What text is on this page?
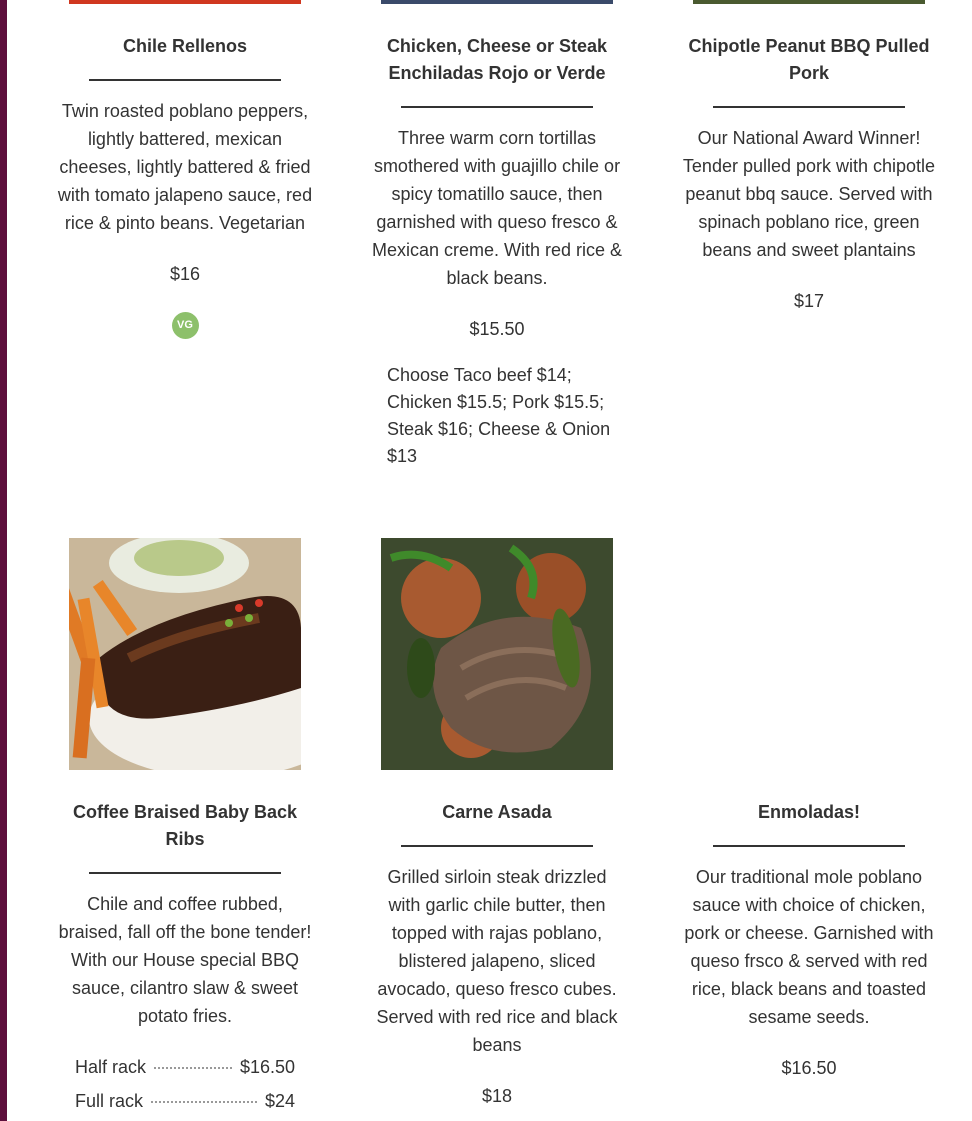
Chile Rellenos

Twin roasted poblano peppers, lightly battered, mexican cheeses, lightly battered & fried with tomato jalapeno sauce, red rice & pinto beans. Vegetarian

$16
VG
Chicken, Cheese or Steak Enchiladas Rojo or Verde

Three warm corn tortillas smothered with guajillo chile or spicy tomatillo sauce, then garnished with queso fresco & Mexican creme. With red rice & black beans.

$15.50
Choose Taco beef $14; Chicken $15.5; Pork $15.5; Steak $16; Cheese & Onion $13
Chipotle Peanut BBQ Pulled Pork

Our National Award Winner! Tender pulled pork with chipotle peanut bbq sauce. Served with spinach poblano rice, green beans and sweet plantains

$17
Coffee Braised Baby Back Ribs

Chile and coffee rubbed, braised, fall off the bone tender! With our House special BBQ sauce, cilantro slaw & sweet potato fries.

Half rack	$16.50
Full rack	$24
Carne Asada

Grilled sirloin steak drizzled with garlic chile butter, then topped with rajas poblano, blistered jalapeno, sliced avocado, queso fresco cubes. Served with red rice and black beans

$18
Enmoladas!

Our traditional mole poblano sauce with choice of chicken, pork or cheese. Garnished with queso frsco & served with red rice, black beans and toasted sesame seeds.

$16.50
